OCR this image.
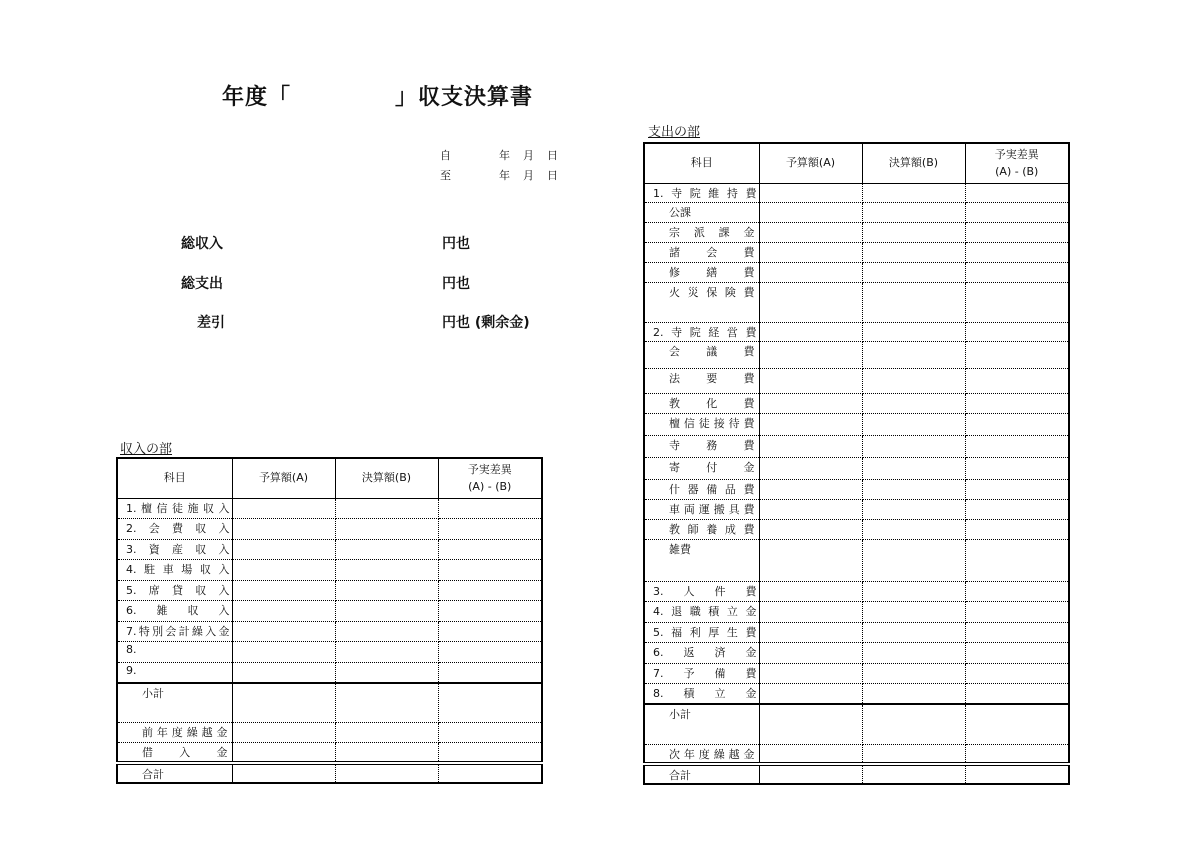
年度「	」収支決算書
自	年 月 日
至	年 月 日
総収入	円也
総支出	円也
差引	円也 (剰余金)
収入の部
科目	予算額(A)	決算額(B)	予実差異
(A) - (B)

1.檀信徒施収入			

2.会費収入			

3.資産収入			

4.駐車場収入			

5.席貸収入			

6.雑収入			

7.特別会計繰入金			

8.			

9.			

小計			

前年度繰越金			

借入金			

合計			

支出の部
科目	予算額(A)	決算額(B)	予実差異
(A) - (B)

1.寺院維持費			

公課			

宗派課金			

諸会費			

修繕費			

火災保険費			

2.寺院経営費			

会議費			

法要費			

教化費			

檀信徒接待費			

寺務費			

寄付金			

什器備品費			

車両運搬具費			

教師養成費			

雑費			

3.人件費			

4.退職積立金			

5.福利厚生費			

6.返済金			

7.予備費			

8.積立金			

小計			

次年度繰越金			

合計			
